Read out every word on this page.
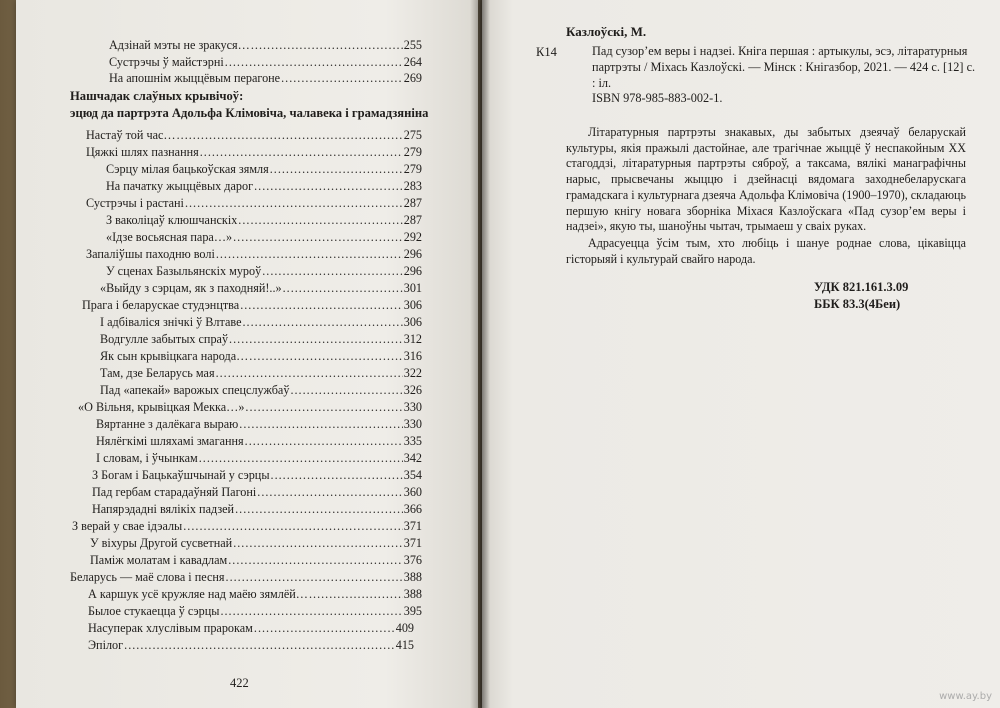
Адзінай мэты не зракуся… .....	255
Сустрэчы ў майстэрні .....	264
На апошнім жыццёвым перагоне .....	269
Нашчадак слаўных крывічоў:
эцюд да партрэта Адольфа Клімовіча, чалавека і грамадзяніна
Настаў той час… .....	275
Цяжкі шлях пазнання .....	279
Сэрцу мілая бацькоўская зямля .....	279
На пачатку жыццёвых дарог .....	283
Сустрэчы і растані .....	287
З ваколіцаў клюшчанскіх .....	287
«Ідзе восьясная пара…» .....	292
Запаліўшы паходню волі .....	296
У сценах Базыльянскіх муроў .....	296
«Выйду з сэрцам, як з паходняй!..» .....	301
Прага і беларускае студэнцтва .....	306
І адбіваліся знічкі ў Влтаве .....	306
Водгулле забытых спраў .....	312
Як сын крывіцкага народа… .....	316
Там, дзе Беларусь мая .....	322
Пад «апекай» варожых спецслужбаў .....	326
«О Вільня, крывіцкая Мекка…» .....	330
Вяртанне з далёкага выраю .....	330
Нялёгкімі шляхамі змагання .....	335
І словам, і ўчынкам .....	342
З Богам і Бацькаўшчынай у сэрцы .....	354
Пад гербам старадаўняй Пагоні .....	360
Напярэдадні вялікіх падзей .....	366
З верай у свае ідэалы .....	371
У віхуры Другой сусветнай .....	371
Паміж молатам і кавадлам .....	376
Беларусь — маё слова і песня .....	388
А каршук усё кружляе над маёю зямлёй… .....	388
Былое стукаецца ў сэрцы .....	395
Насуперак хлуслівым прарокам .....	409
Эпілог .....	415
422
Казлоўскі, М.
К14	Пад сузор’ем веры і надзеі. Кніга першая : артыкулы, эсэ, літаратурныя партрэты / Міхась Казлоўскі. — Мінск : Кнігазбор, 2021. — 424 с. [12] с. : іл.
ISBN 978-985-883-002-1.
Літаратурныя партрэты знакавых, ды забытых дзеячаў беларускай культуры, якія пражылі дастойнае, але трагічнае жыццё ў неспакойным ХХ стагоддзі, літаратурныя партрэты сяброў, а таксама, вялікі манаграфічны нарыс, прысвечаны жыццю і дзейнасці вядомага заходнебеларускага грамадскага і культурнага дзеяча Адольфа Клімовіча (1900–1970), складаюць першую кнігу новага зборніка Міхася Казлоўскага «Пад сузор’ем веры і надзеі», якую ты, шаноўны чытач, трымаеш у сваіх руках.
Адрасуецца ўсім тым, хто любіць і шануе роднае слова, цікавіцца гісторыяй і культурай свайго народа.
УДК 821.161.3.09
ББК 83.3(4Беи)
www.ay.by
